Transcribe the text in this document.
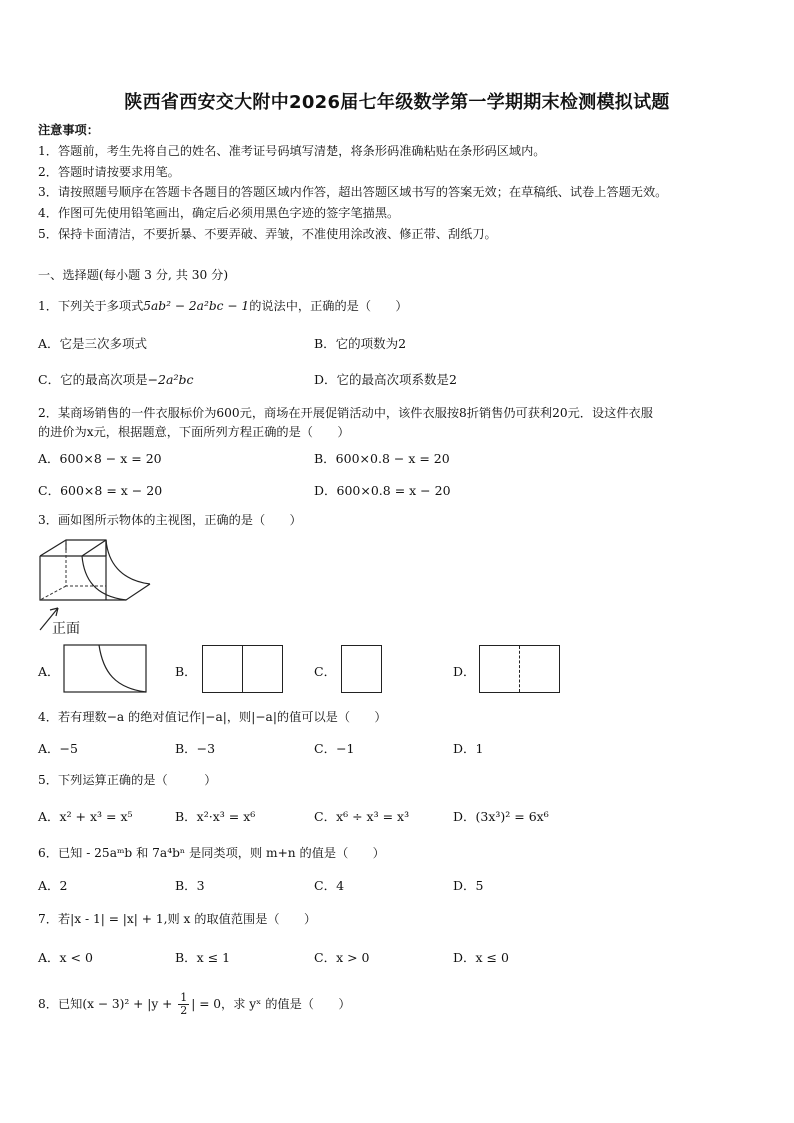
陕西省西安交大附中2026届七年级数学第一学期期末检测模拟试题
注意事项：
1．答题前，考生先将自己的姓名、准考证号码填写清楚，将条形码准确粘贴在条形码区域内。
2．答题时请按要求用笔。
3．请按照题号顺序在答题卡各题目的答题区域内作答，超出答题区域书写的答案无效；在草稿纸、试卷上答题无效。
4．作图可先使用铅笔画出，确定后必须用黑色字迹的签字笔描黑。
5．保持卡面清洁，不要折暴、不要弄破、弄皱，不准使用涂改液、修正带、刮纸刀。
一、选择题(每小题 3 分, 共 30 分)
1．下列关于多项式5ab² − 2a²bc − 1的说法中，正确的是（　　）
A．它是三次多项式	B．它的项数为2
C．它的最高次项是−2a²bc	D．它的最高次项系数是2
2．某商场销售的一件衣服标价为600元，商场在开展促销活动中，该件衣服按8折销售仍可获利20元．设这件衣服
的进价为x元，根据题意，下面所列方程正确的是（　　）
A．600×8 − x = 20	B．600×0.8 − x = 20
C．600×8 = x − 20	D．600×0.8 = x − 20
3．画如图所示物体的主视图，正确的是（　　）
正面
A．	B．	C．	D．
4．若有理数−a 的绝对值记作|−a|，则|−a|的值可以是（　　）
A．−5	B．−3	C．−1	D．1
5．下列运算正确的是（　　　）
A．x² + x³ = x⁵	B．x²·x³ = x⁶	C．x⁶ ÷ x³ = x³	D．(3x³)² = 6x⁶
6．已知 - 25aᵐb 和 7a⁴bⁿ 是同类项，则 m+n 的值是（　　）
A．2	B．3	C．4	D．5
7．若|x - 1| = |x| + 1,则 x 的取值范围是（　　）
A．x < 0	B．x ≤ 1	C．x > 0	D．x ≤ 0
8．已知$(x - 3)^2 + |y + \frac{1}{2}$ | = 0，求 yˣ 的值是（　　）
